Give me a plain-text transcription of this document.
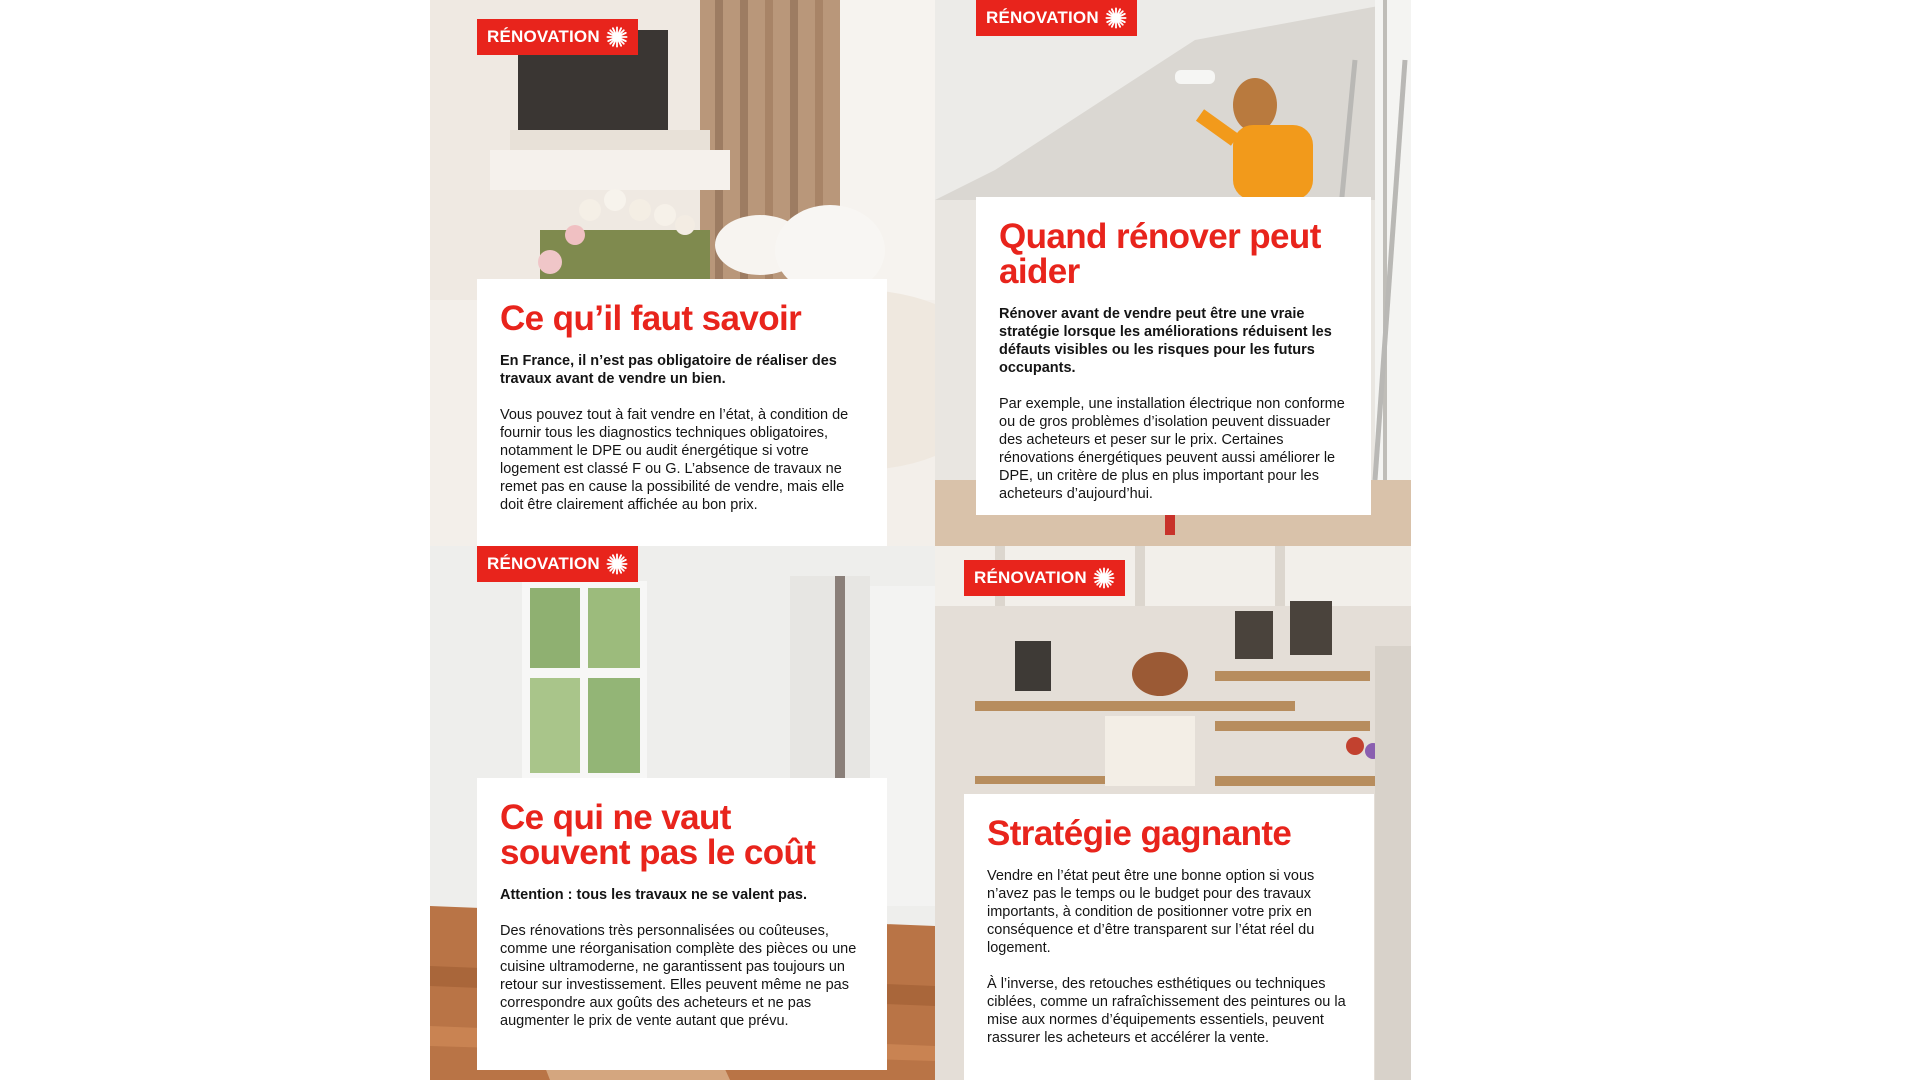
RÉNOVATION
Ce qu’il faut savoir

En France, il n’est pas obligatoire de réaliser des travaux avant de vendre un bien.

Vous pouvez tout à fait vendre en l’état, à condition de fournir tous les diagnostics techniques obligatoires, notamment le DPE ou audit énergétique si votre logement est classé F ou G. L’absence de travaux ne remet pas en cause la possibilité de vendre, mais elle doit être clairement affichée au bon prix.

RÉNOVATION
Quand rénover peut aider

Rénover avant de vendre peut être une vraie stratégie lorsque les améliorations réduisent les défauts visibles ou les risques pour les futurs occupants.

Par exemple, une installation électrique non conforme ou de gros problèmes d’isolation peuvent dissuader des acheteurs et peser sur le prix. Certaines rénovations énergétiques peuvent aussi améliorer le DPE, un critère de plus en plus important pour les acheteurs d’aujourd’hui.

RÉNOVATION
Ce qui ne vaut souvent pas le coût

Attention : tous les travaux ne se valent pas.

Des rénovations très personnalisées ou coûteuses, comme une réorganisation complète des pièces ou une cuisine ultramoderne, ne garantissent pas toujours un retour sur investissement. Elles peuvent même ne pas correspondre aux goûts des acheteurs et ne pas augmenter le prix de vente autant que prévu.

RÉNOVATION
Stratégie gagnante

Vendre en l’état peut être une bonne option si vous n’avez pas le temps ou le budget pour des travaux importants, à condition de positionner votre prix en conséquence et d’être transparent sur l’état réel du logement.

À l’inverse, des retouches esthétiques ou techniques ciblées, comme un rafraîchissement des peintures ou la mise aux normes d’équipements essentiels, peuvent rassurer les acheteurs et accélérer la vente.
